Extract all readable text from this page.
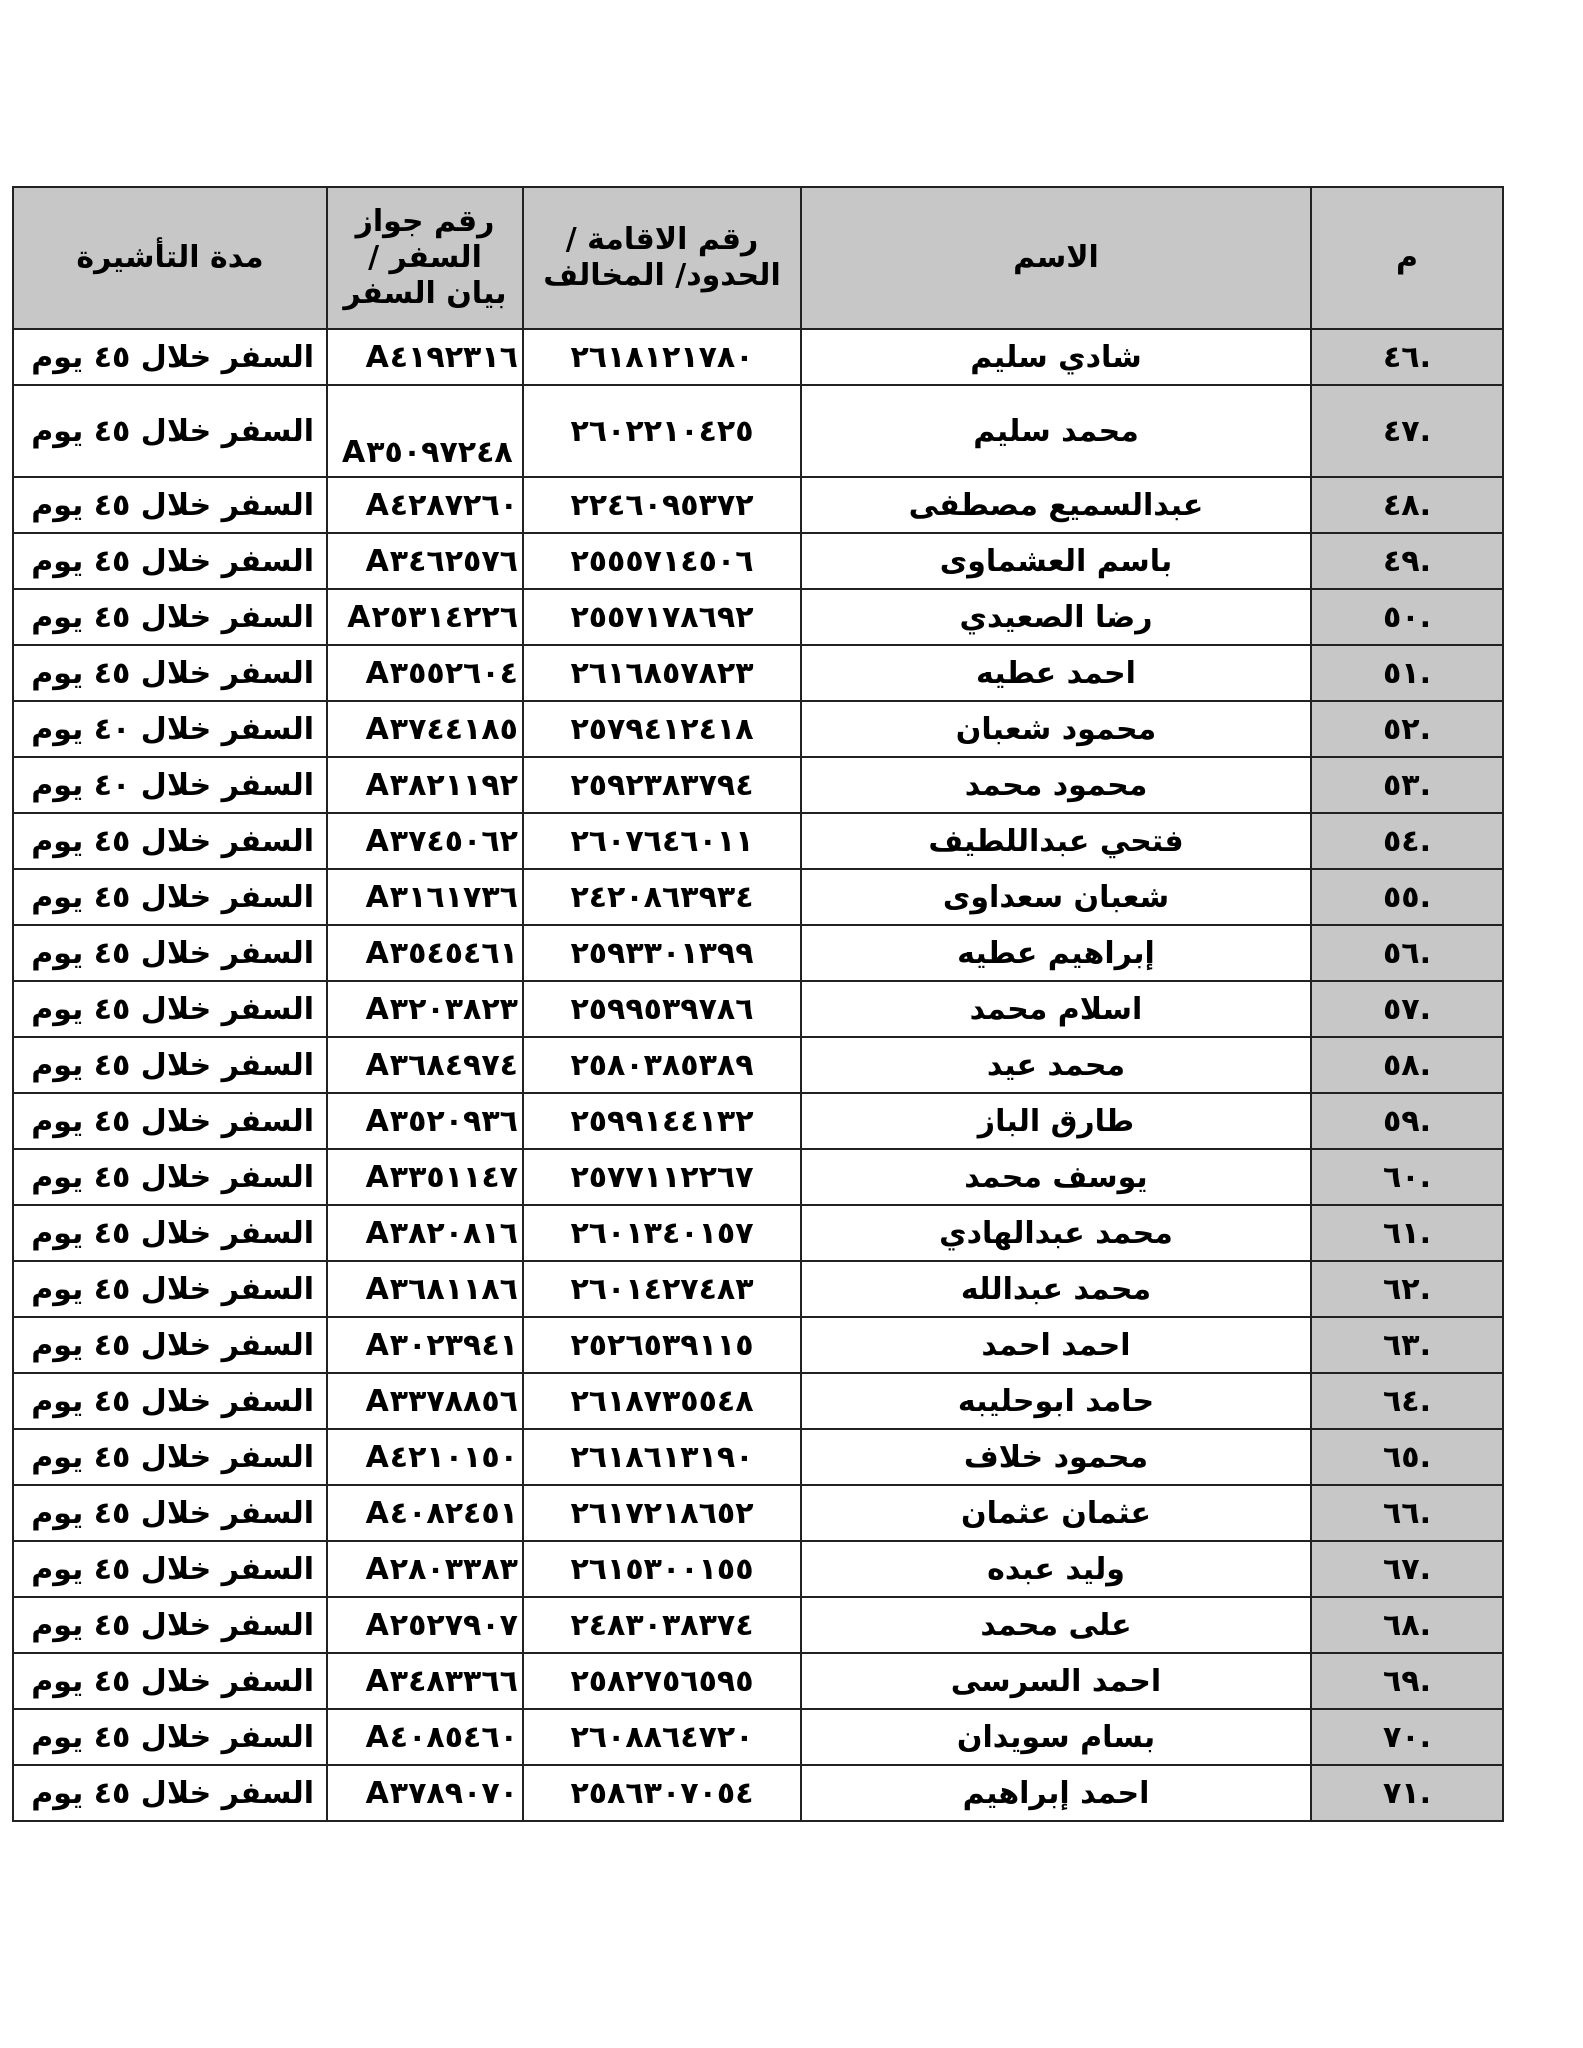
م	الاسم	رقم الاقامة / الحدود/ المخالف	رقم جواز السفر / بيان السفر	مدة التأشيرة
.٤٦	شادي سليم	٢٦١٨١٢١٧٨٠	A٤١٩٢٣١٦	السفر خلال ٤٥ يوم
.٤٧	محمد سليم	٢٦٠٢٢١٠٤٢٥	A٣٥٠٩٧٢٤٨	السفر خلال ٤٥ يوم
.٤٨	عبدالسميع مصطفى	٢٢٤٦٠٩٥٣٧٢	A٤٢٨٧٢٦٠	السفر خلال ٤٥ يوم
.٤٩	باسم العشماوى	٢٥٥٥٧١٤٥٠٦	A٣٤٦٢٥٧٦	السفر خلال ٤٥ يوم
.٥٠	رضا الصعيدي	٢٥٥٧١٧٨٦٩٢	A٢٥٣١٤٢٢٦	السفر خلال ٤٥ يوم
.٥١	احمد عطيه	٢٦١٦٨٥٧٨٢٣	A٣٥٥٢٦٠٤	السفر خلال ٤٥ يوم
.٥٢	محمود شعبان	٢٥٧٩٤١٢٤١٨	A٣٧٤٤١٨٥	السفر خلال ٤٠ يوم
.٥٣	محمود محمد	٢٥٩٢٣٨٣٧٩٤	A٣٨٢١١٩٢	السفر خلال ٤٠ يوم
.٥٤	فتحي عبداللطيف	٢٦٠٧٦٤٦٠١١	A٣٧٤٥٠٦٢	السفر خلال ٤٥ يوم
.٥٥	شعبان سعداوى	٢٤٢٠٨٦٣٩٣٤	A٣١٦١٧٣٦	السفر خلال ٤٥ يوم
.٥٦	إبراهيم عطيه	٢٥٩٣٣٠١٣٩٩	A٣٥٤٥٤٦١	السفر خلال ٤٥ يوم
.٥٧	اسلام محمد	٢٥٩٩٥٣٩٧٨٦	A٣٢٠٣٨٢٣	السفر خلال ٤٥ يوم
.٥٨	محمد عيد	٢٥٨٠٣٨٥٣٨٩	A٣٦٨٤٩٧٤	السفر خلال ٤٥ يوم
.٥٩	طارق الباز	٢٥٩٩١٤٤١٣٢	A٣٥٢٠٩٣٦	السفر خلال ٤٥ يوم
.٦٠	يوسف محمد	٢٥٧٧١١٢٢٦٧	A٣٣٥١١٤٧	السفر خلال ٤٥ يوم
.٦١	محمد عبدالهادي	٢٦٠١٣٤٠١٥٧	A٣٨٢٠٨١٦	السفر خلال ٤٥ يوم
.٦٢	محمد عبدالله	٢٦٠١٤٢٧٤٨٣	A٣٦٨١١٨٦	السفر خلال ٤٥ يوم
.٦٣	احمد احمد	٢٥٢٦٥٣٩١١٥	A٣٠٢٣٩٤١	السفر خلال ٤٥ يوم
.٦٤	حامد ابوحليبه	٢٦١٨٧٣٥٥٤٨	A٣٣٧٨٨٥٦	السفر خلال ٤٥ يوم
.٦٥	محمود خلاف	٢٦١٨٦١٣١٩٠	A٤٢١٠١٥٠	السفر خلال ٤٥ يوم
.٦٦	عثمان عثمان	٢٦١٧٢١٨٦٥٢	A٤٠٨٢٤٥١	السفر خلال ٤٥ يوم
.٦٧	وليد عبده	٢٦١٥٣٠٠١٥٥	A٢٨٠٣٣٨٣	السفر خلال ٤٥ يوم
.٦٨	على محمد	٢٤٨٣٠٣٨٣٧٤	A٢٥٢٧٩٠٧	السفر خلال ٤٥ يوم
.٦٩	احمد السرسى	٢٥٨٢٧٥٦٥٩٥	A٣٤٨٣٣٦٦	السفر خلال ٤٥ يوم
.٧٠	بسام سويدان	٢٦٠٨٨٦٤٧٢٠	A٤٠٨٥٤٦٠	السفر خلال ٤٥ يوم
.٧١	احمد إبراهيم	٢٥٨٦٣٠٧٠٥٤	A٣٧٨٩٠٧٠	السفر خلال ٤٥ يوم
